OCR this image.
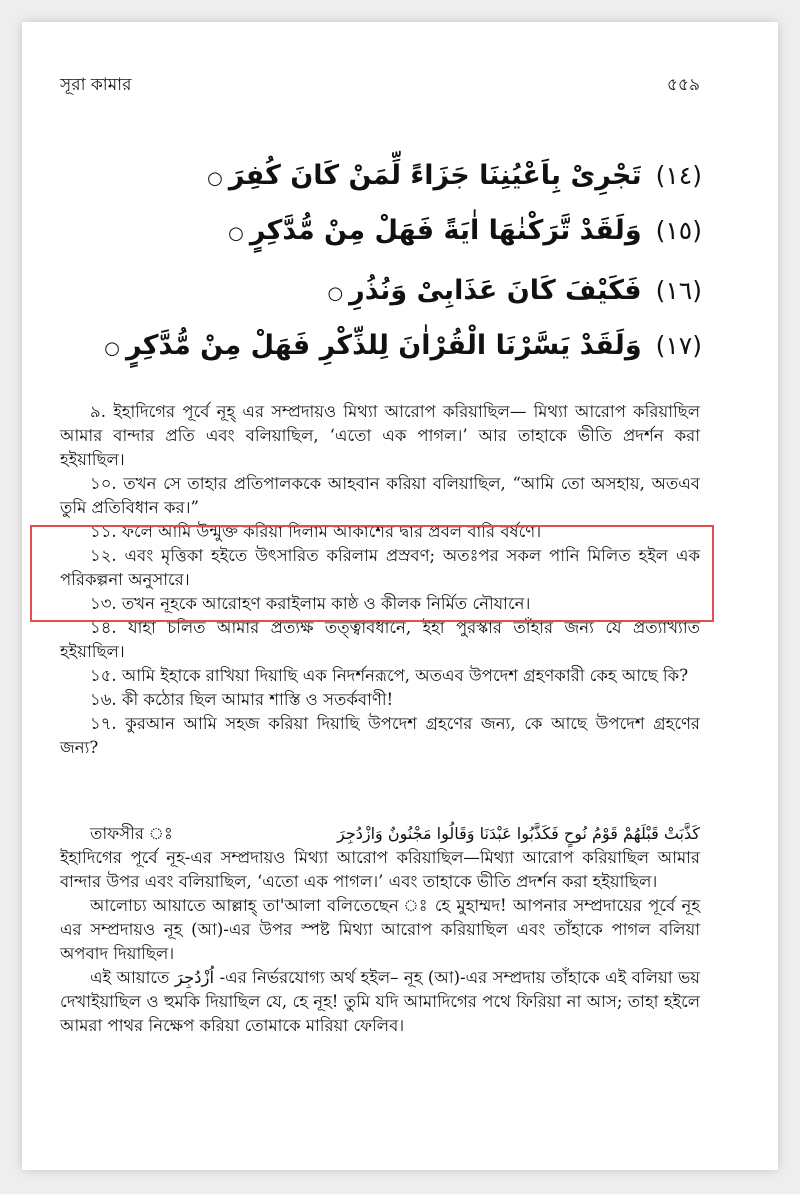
সূরা কামার	৫৫৯
(١٤)تَجْرِىْ بِاَعْيُنِنَا جَزَاءً لِّمَنْ كَانَ كُفِرَ○
(١٥)وَلَقَدْ تَّرَكْنٰهَا اٰيَةً فَهَلْ مِنْ مُّدَّكِرٍ○
(١٦)فَكَيْفَ كَانَ عَذَابِىْ وَنُذُرِ○
(١٧)وَلَقَدْ يَسَّرْنَا الْقُرْاٰنَ لِلذِّكْرِ فَهَلْ مِنْ مُّدَّكِرٍ○

৯. ইহাদিগের পূর্বে নূহ্ এর সম্প্রদায়ও মিথ্যা আরোপ করিয়াছিল— মিথ্যা আরোপ করিয়াছিল আমার বান্দার প্রতি এবং বলিয়াছিল, ‘এতো এক পাগল।’ আর তাহাকে ভীতি প্রদর্শন করা হইয়াছিল।

১০. তখন সে তাহার প্রতিপালককে আহবান করিয়া বলিয়াছিল, “আমি তো অসহায়, অতএব তুমি প্রতিবিধান কর।”

১১. ফলে আমি উন্মুক্ত করিয়া দিলাম আকাশের দ্বার প্রবল বারি বর্ষণে।

১২. এবং মৃত্তিকা হইতে উৎসারিত করিলাম প্রস্রবণ; অতঃপর সকল পানি মিলিত হইল এক পরিকল্পনা অনুসারে।

১৩. তখন নূহকে আরোহণ করাইলাম কাষ্ঠ ও কীলক নির্মিত নৌযানে।

১৪. যাহা চলিত আমার প্রত্যক্ষ তত্ত্বাবধানে, ইহা পুরস্কার তাঁহার জন্য যে প্রত্যাখ্যাত হইয়াছিল।

১৫. আমি ইহাকে রাখিয়া দিয়াছি এক নিদর্শনরূপে, অতএব উপদেশ গ্রহণকারী কেহ আছে কি?

১৬. কী কঠোর ছিল আমার শাস্তি ও সতর্কবাণী!

১৭. কুরআন আমি সহজ করিয়া দিয়াছি উপদেশ গ্রহণের জন্য, কে আছে উপদেশ গ্রহণের জন্য?

তাফসীর ঃ	كَذَّبَتْ قَبْلَهُمْ قَوْمُ نُوحٍ فَكَذَّبُوا عَبْدَنَا وَقَالُوا مَجْنُونٌ وَازْدُجِرَ

ইহাদিগের পূর্বে নূহ-এর সম্প্রদায়ও মিথ্যা আরোপ করিয়াছিল—মিথ্যা আরোপ করিয়াছিল আমার বান্দার উপর এবং বলিয়াছিল, ‘এতো এক পাগল।’ এবং তাহাকে ভীতি প্রদর্শন করা হইয়াছিল।

আলোচ্য আয়াতে আল্লাহ্ তা'আলা বলিতেছেন ঃ হে মুহাম্মদ! আপনার সম্প্রদায়ের পূর্বে নূহ এর সম্প্রদায়ও নূহ (আ)-এর উপর স্পষ্ট মিথ্যা আরোপ করিয়াছিল এবং তাঁহাকে পাগল বলিয়া অপবাদ দিয়াছিল।

এই আয়াতে اُزْدُجِرَ -এর নির্ভরযোগ্য অর্থ হইল– নূহ (আ)-এর সম্প্রদায় তাঁহাকে এই বলিয়া ভয় দেখাইয়াছিল ও হুমকি দিয়াছিল যে, হে নূহ! তুমি যদি আমাদিগের পথে ফিরিয়া না আস; তাহা হইলে আমরা পাথর নিক্ষেপ করিয়া তোমাকে মারিয়া ফেলিব।
